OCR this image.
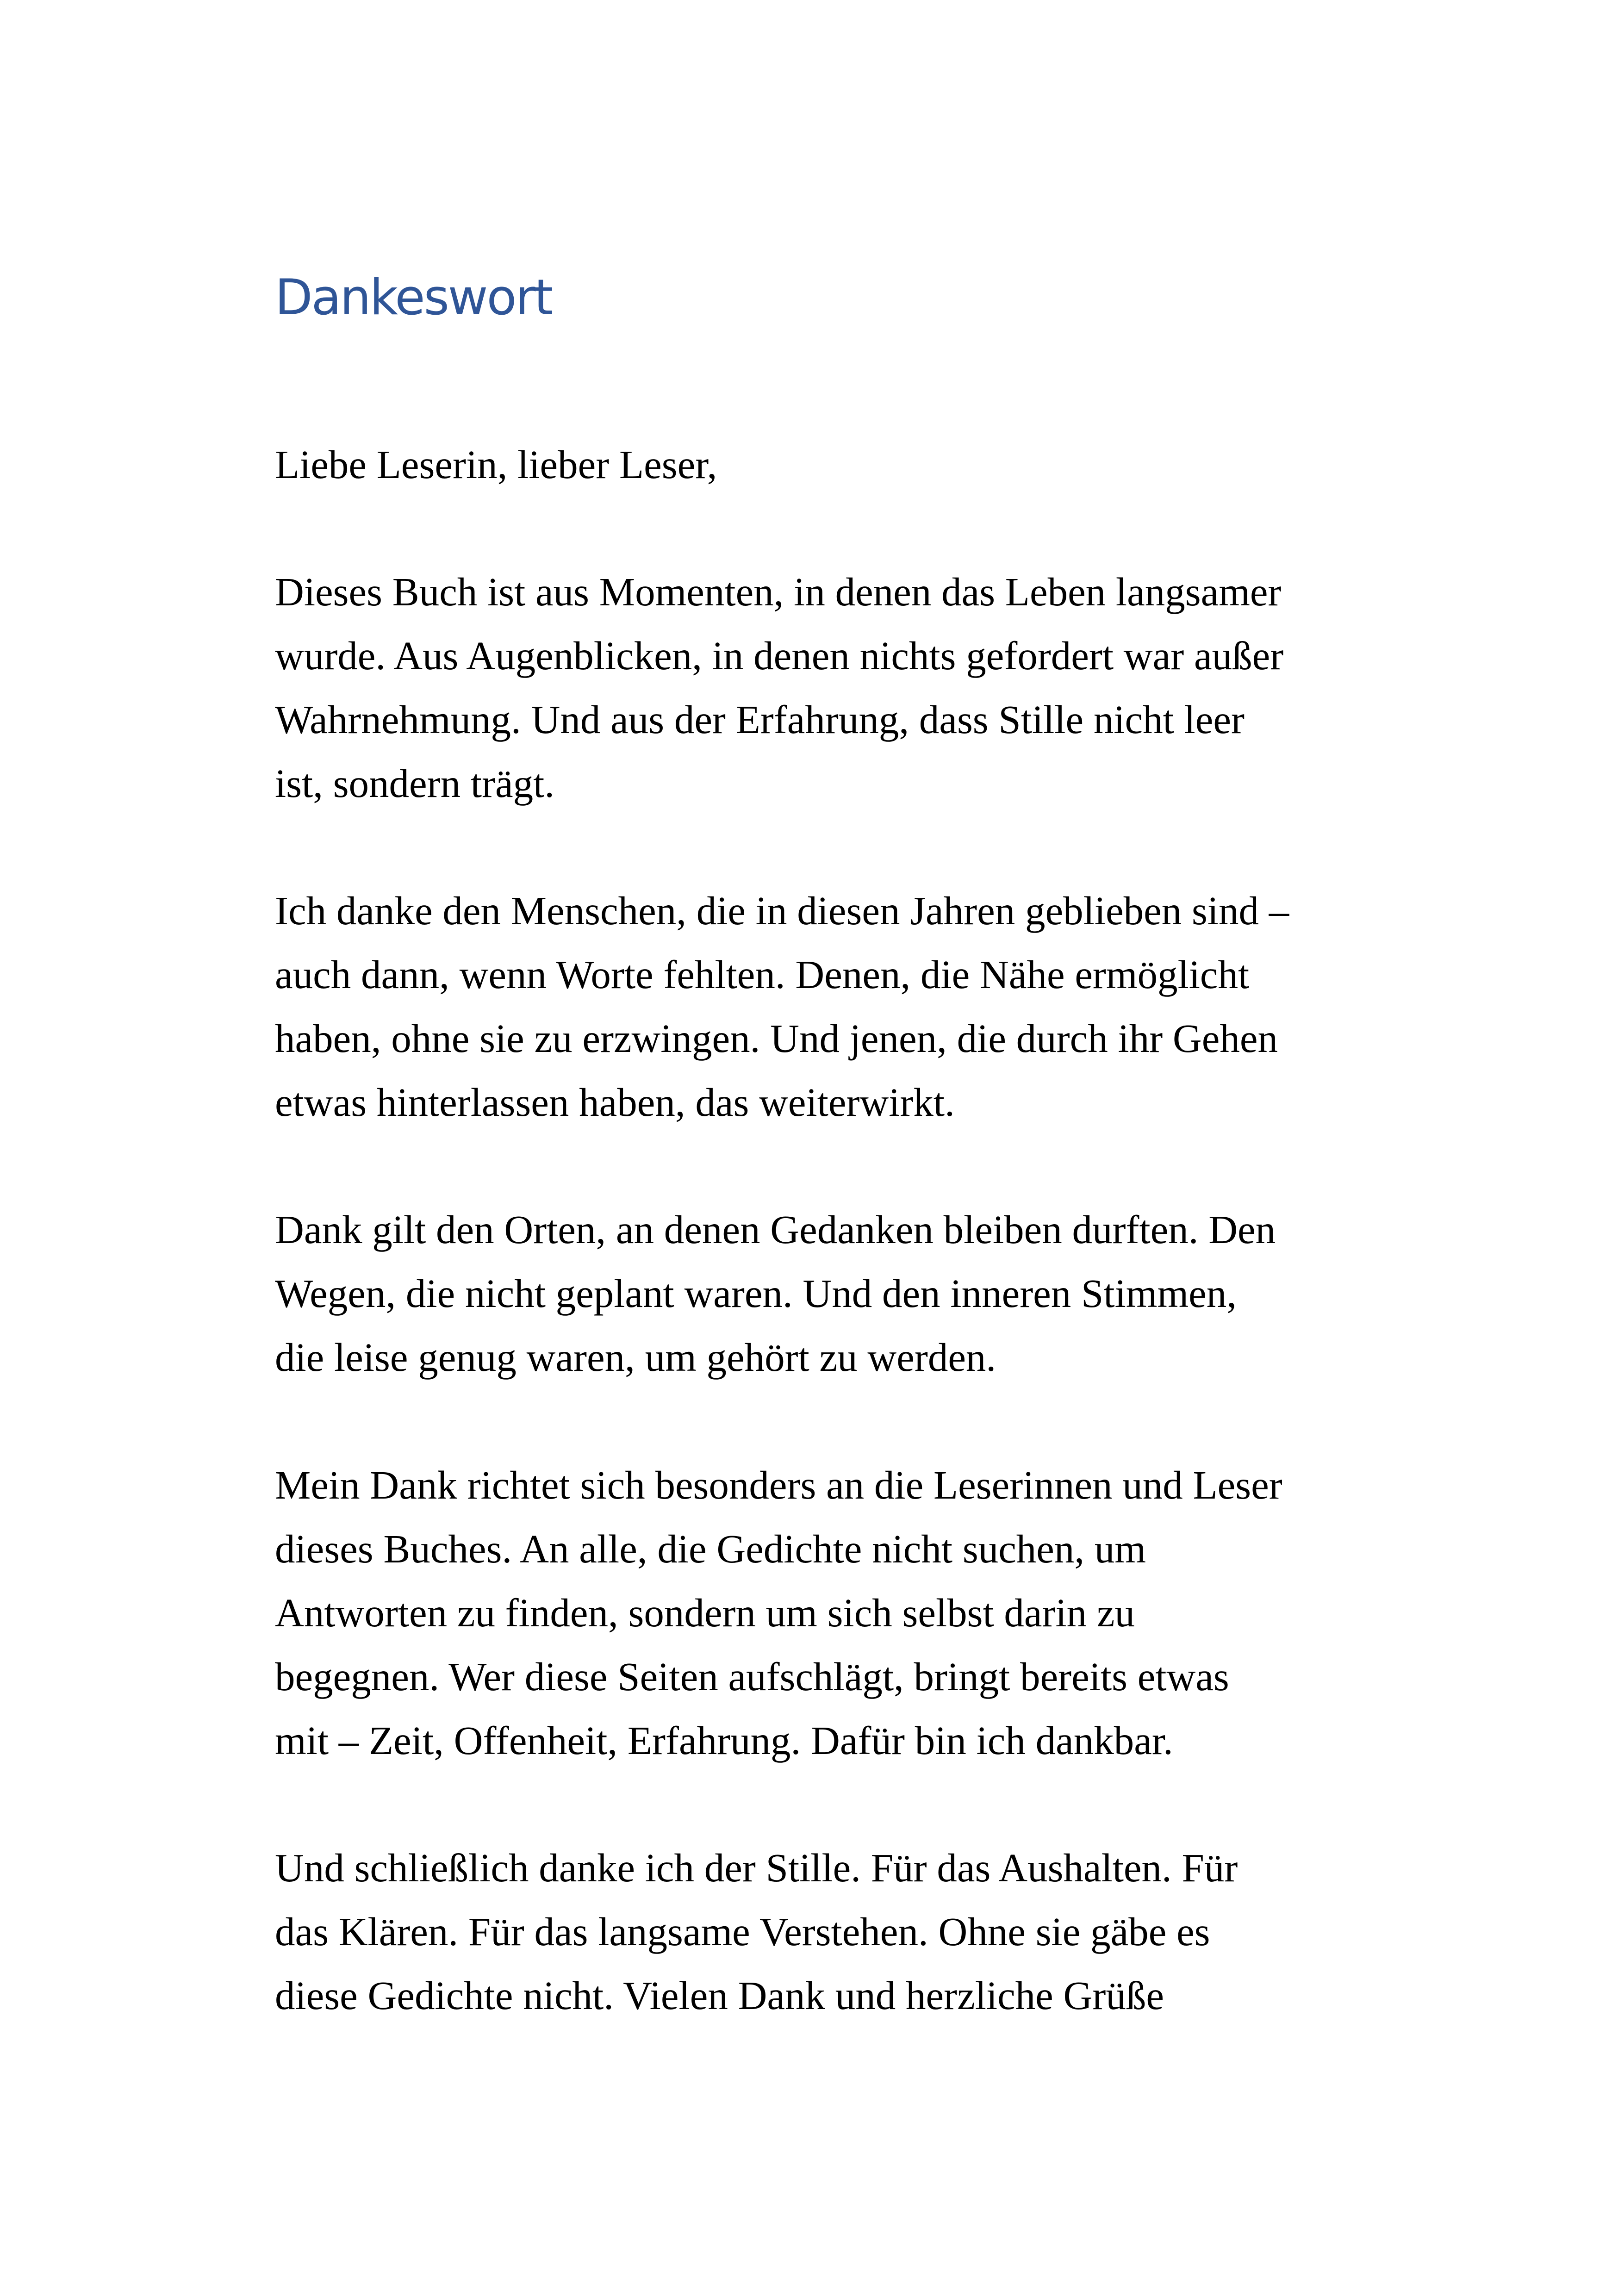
Dankeswort

Liebe Leserin, lieber Leser,

Dieses Buch ist aus Momenten, in denen das Leben langsamer
wurde. Aus Augenblicken, in denen nichts gefordert war außer
Wahrnehmung. Und aus der Erfahrung, dass Stille nicht leer
ist, sondern trägt.

Ich danke den Menschen, die in diesen Jahren geblieben sind –
auch dann, wenn Worte fehlten. Denen, die Nähe ermöglicht
haben, ohne sie zu erzwingen. Und jenen, die durch ihr Gehen
etwas hinterlassen haben, das weiterwirkt.

Dank gilt den Orten, an denen Gedanken bleiben durften. Den
Wegen, die nicht geplant waren. Und den inneren Stimmen,
die leise genug waren, um gehört zu werden.

Mein Dank richtet sich besonders an die Leserinnen und Leser
dieses Buches. An alle, die Gedichte nicht suchen, um
Antworten zu finden, sondern um sich selbst darin zu
begegnen. Wer diese Seiten aufschlägt, bringt bereits etwas
mit – Zeit, Offenheit, Erfahrung. Dafür bin ich dankbar.

Und schließlich danke ich der Stille. Für das Aushalten. Für
das Klären. Für das langsame Verstehen. Ohne sie gäbe es
diese Gedichte nicht. Vielen Dank und herzliche Grüße
